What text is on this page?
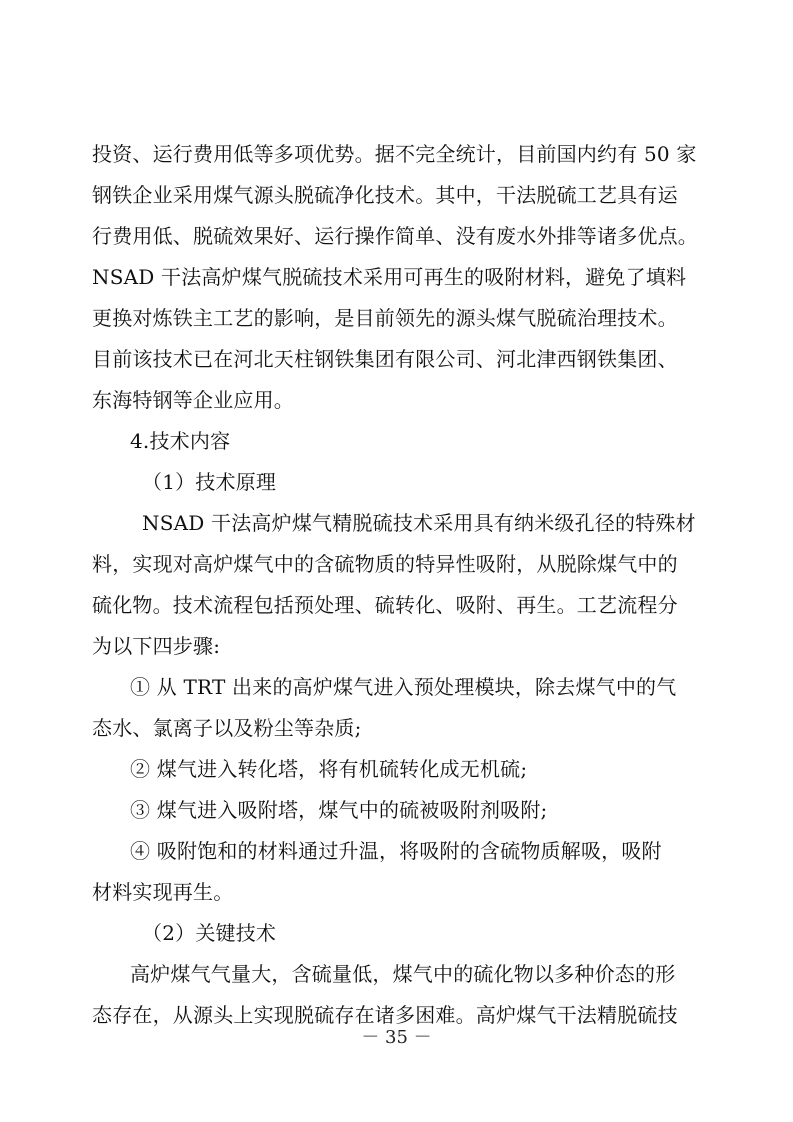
投资、运行费用低等多项优势。据不完全统计，目前国内约有 50 家
钢铁企业采用煤气源头脱硫净化技术。其中，干法脱硫工艺具有运
行费用低、脱硫效果好、运行操作简单、没有废水外排等诸多优点。
NSAD 干法高炉煤气脱硫技术采用可再生的吸附材料，避免了填料
更换对炼铁主工艺的影响，是目前领先的源头煤气脱硫治理技术。
目前该技术已在河北天柱钢铁集团有限公司、河北津西钢铁集团、
东海特钢等企业应用。
4.技术内容
（1）技术原理
NSAD 干法高炉煤气精脱硫技术采用具有纳米级孔径的特殊材
料，实现对高炉煤气中的含硫物质的特异性吸附，从脱除煤气中的
硫化物。技术流程包括预处理、硫转化、吸附、再生。工艺流程分
为以下四步骤:
① 从 TRT 出来的高炉煤气进入预处理模块，除去煤气中的气
态水、氯离子以及粉尘等杂质;
② 煤气进入转化塔，将有机硫转化成无机硫;
③ 煤气进入吸附塔，煤气中的硫被吸附剂吸附;
④ 吸附饱和的材料通过升温，将吸附的含硫物质解吸，吸附
材料实现再生。
（2）关键技术
高炉煤气气量大，含硫量低，煤气中的硫化物以多种价态的形
态存在，从源头上实现脱硫存在诸多困难。高炉煤气干法精脱硫技
－ 35 －
